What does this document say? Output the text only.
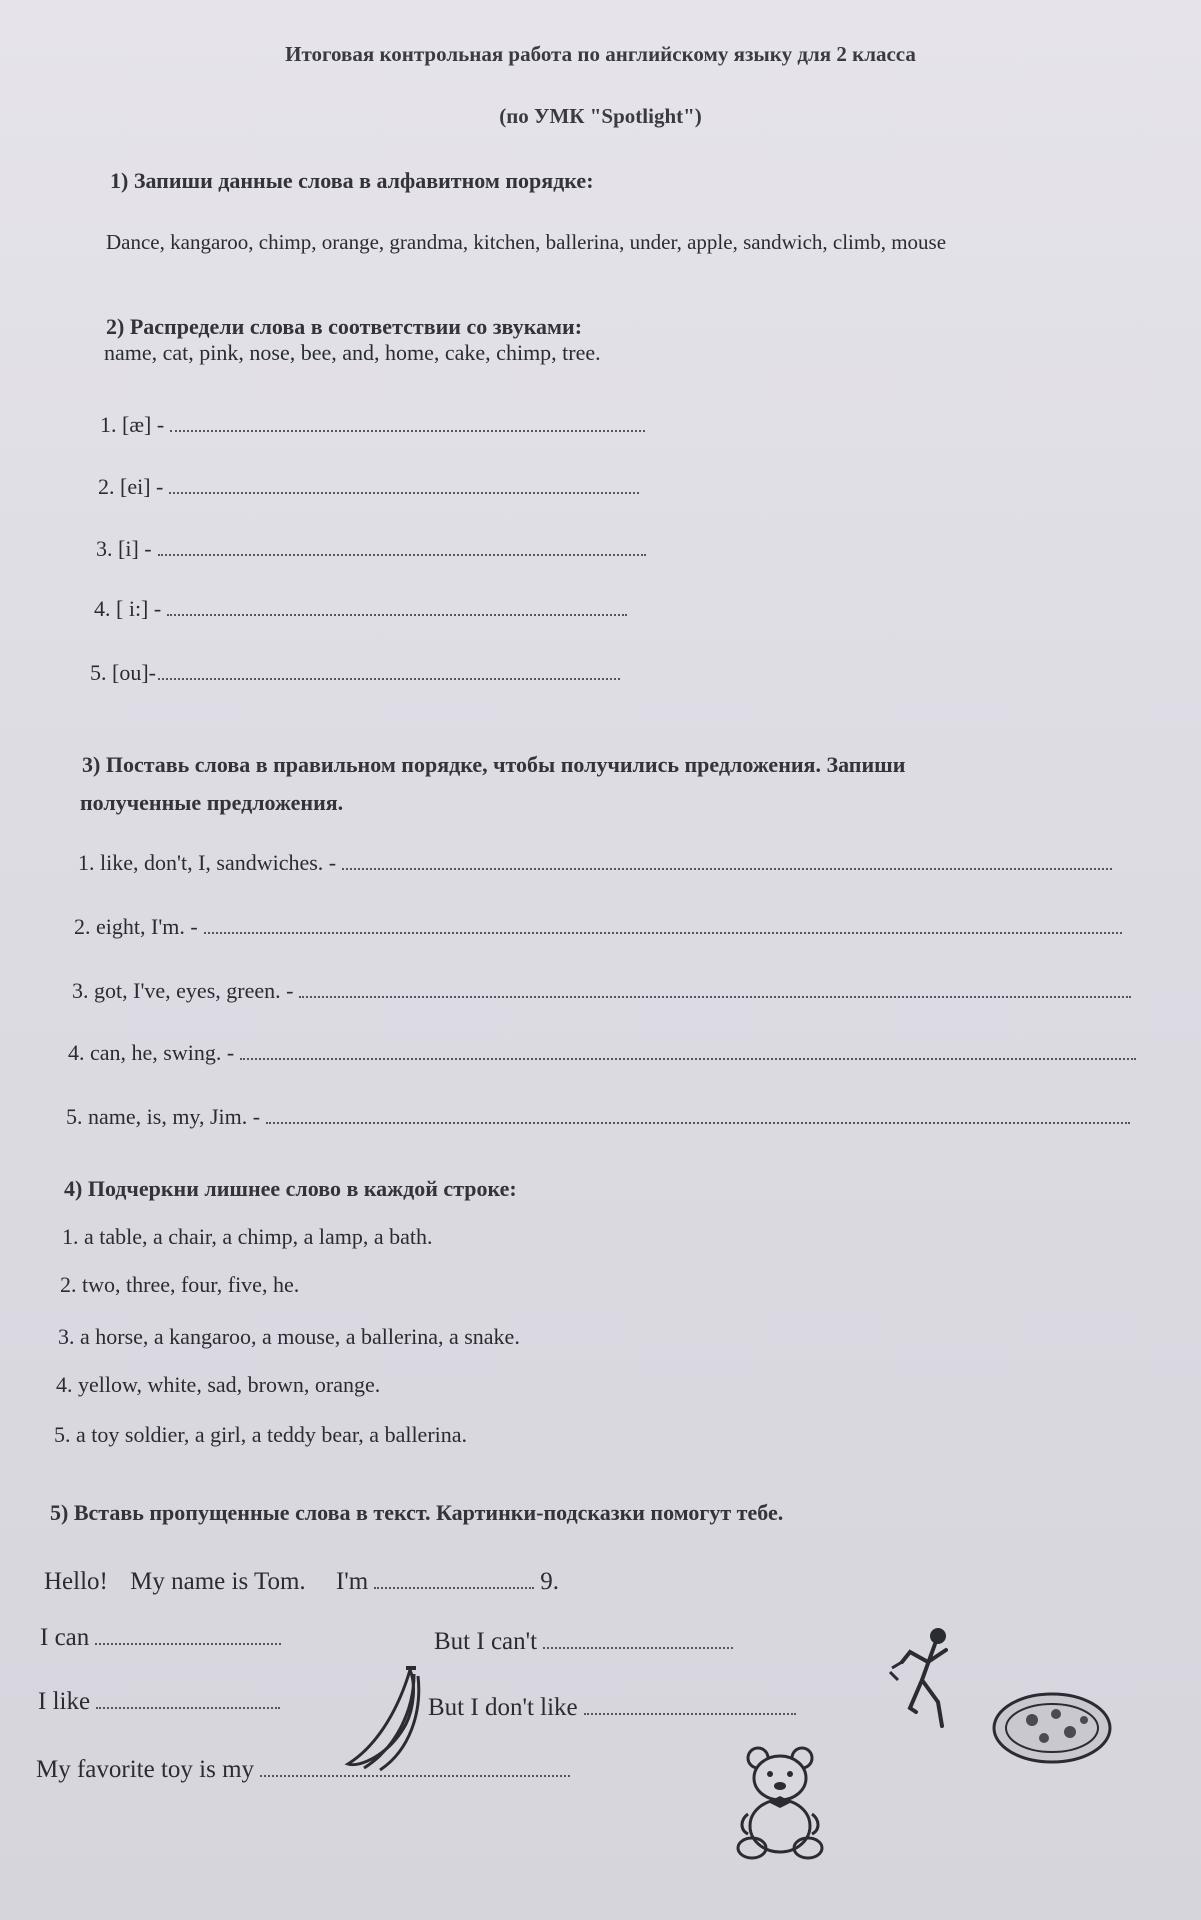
Итоговая контрольная работа по английскому языку для 2 класса
(по УМК "Spotlight")
1) Запиши данные слова в алфавитном порядке:
Dance, kangaroo, chimp, orange, grandma, kitchen, ballerina, under, apple, sandwich, climb, mouse
2) Распредели слова в соответствии со звуками:
name, cat, pink, nose, bee, and, home, cake, chimp, tree.
1. [æ] -
2. [ei] -
3. [i] -
4. [ i:] -
5. [ou]-
3) Поставь слова в правильном порядке, чтобы получились предложения. Запиши
полученные предложения.
1. like, don't, I, sandwiches. -
2. eight, I'm. -
3. got, I've, eyes, green. -
4. can, he, swing. -
5. name, is, my, Jim. -
4) Подчеркни лишнее слово в каждой строке:
1. a table, a chair, a chimp, a lamp, a bath.
2. two, three, four, five, he.
3. a horse, a kangaroo, a mouse, a ballerina, a snake.
4. yellow, white, sad, brown, orange.
5. a toy soldier, a girl, a teddy bear, a ballerina.
5) Вставь пропущенные слова в текст. Картинки-подсказки помогут тебе.
Hello! My name is Tom. I'm	9.
I can	But I can't
I like	But I don't like
My favorite toy is my
